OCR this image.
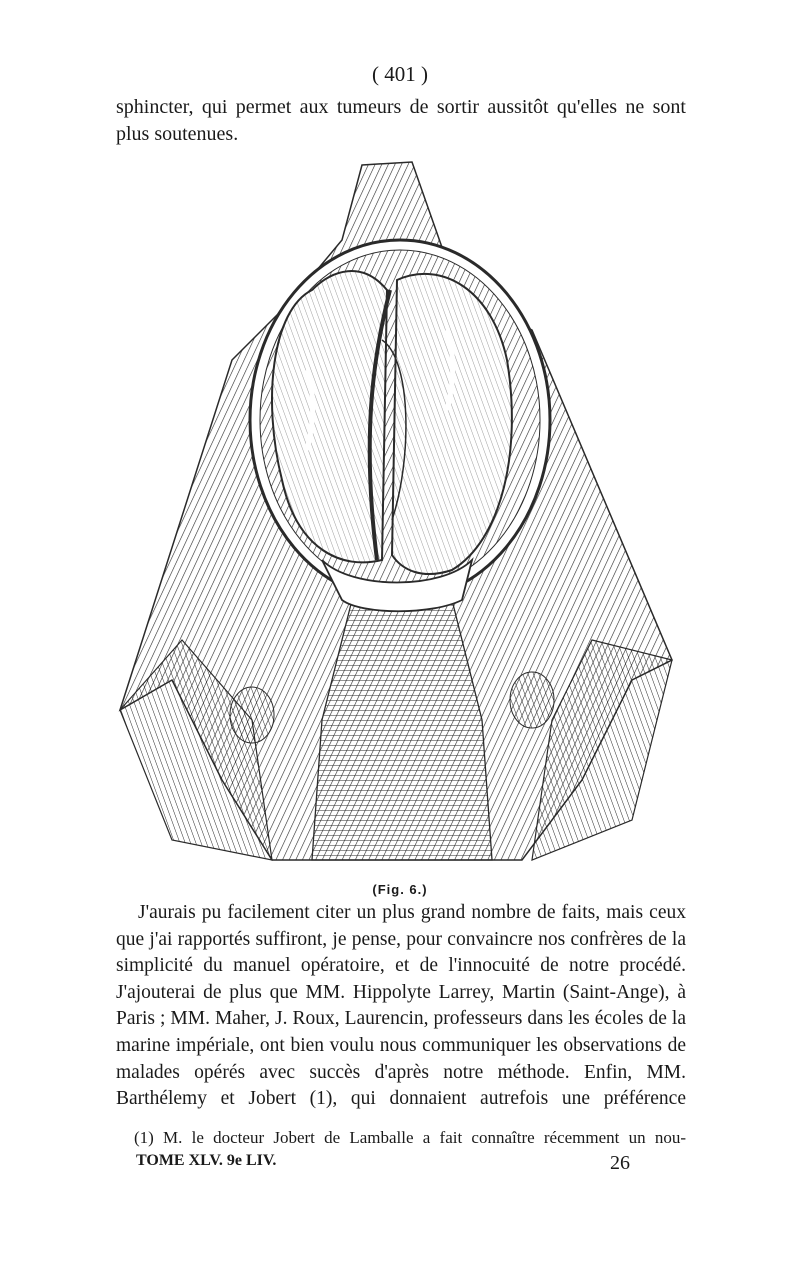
( 401 )
sphincter, qui permet aux tumeurs de sortir aussitôt qu'elles ne sont plus soutenues.
(Fig. 6.)

J'aurais pu facilement citer un plus grand nombre de faits, mais ceux que j'ai rapportés suffiront, je pense, pour convaincre nos confrères de la simplicité du manuel opératoire, et de l'innocuité de notre procédé. J'ajouterai de plus que MM. Hippolyte Larrey, Martin (Saint-Ange), à Paris ; MM. Maher, J. Roux, Laurencin, professeurs dans les écoles de la marine impériale, ont bien voulu nous communiquer les observations de malades opérés avec succès d'après notre méthode. Enfin, MM. Barthélemy et Jobert (1), qui donnaient autrefois une préférence

(1) M. le docteur Jobert de Lamballe a fait connaître récemment un nou-

TOME XLV. 9e LIV.	26
